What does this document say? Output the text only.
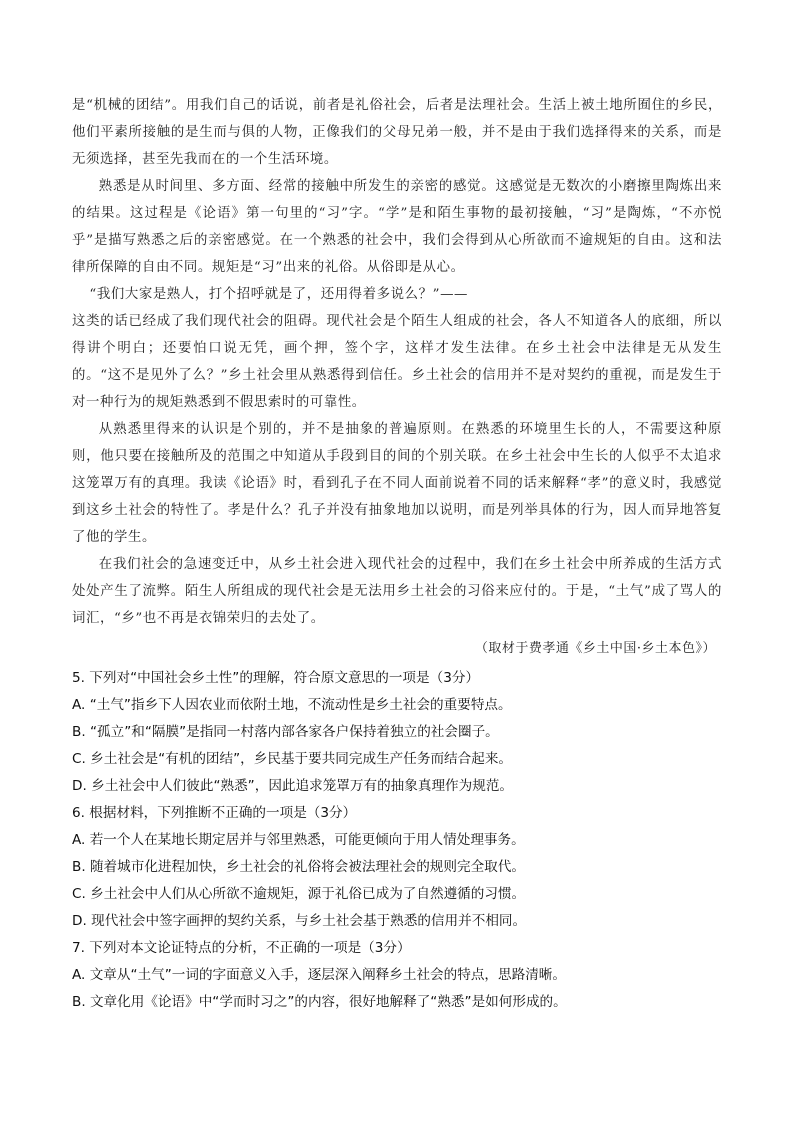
是“机械的团结”。用我们自己的话说，前者是礼俗社会，后者是法理社会。生活上被土地所囿住的乡民，他们平素所接触的是生而与俱的人物，正像我们的父母兄弟一般，并不是由于我们选择得来的关系，而是无须选择，甚至先我而在的一个生活环境。

熟悉是从时间里、多方面、经常的接触中所发生的亲密的感觉。这感觉是无数次的小磨擦里陶炼出来的结果。这过程是《论语》第一句里的“习”字。“学”是和陌生事物的最初接触，“习”是陶炼，“不亦悦乎”是描写熟悉之后的亲密感觉。在一个熟悉的社会中，我们会得到从心所欲而不逾规矩的自由。这和法律所保障的自由不同。规矩是“习”出来的礼俗。从俗即是从心。

“我们大家是熟人，打个招呼就是了，还用得着多说么？”——

这类的话已经成了我们现代社会的阻碍。现代社会是个陌生人组成的社会，各人不知道各人的底细，所以得讲个明白；还要怕口说无凭，画个押，签个字，这样才发生法律。在乡土社会中法律是无从发生的。“这不是见外了么？”乡土社会里从熟悉得到信任。乡土社会的信用并不是对契约的重视，而是发生于对一种行为的规矩熟悉到不假思索时的可靠性。

从熟悉里得来的认识是个别的，并不是抽象的普遍原则。在熟悉的环境里生长的人，不需要这种原则，他只要在接触所及的范围之中知道从手段到目的间的个别关联。在乡土社会中生长的人似乎不太追求这笼罩万有的真理。我读《论语》时，看到孔子在不同人面前说着不同的话来解释“孝”的意义时，我感觉到这乡土社会的特性了。孝是什么？孔子并没有抽象地加以说明，而是列举具体的行为，因人而异地答复了他的学生。

在我们社会的急速变迁中，从乡土社会进入现代社会的过程中，我们在乡土社会中所养成的生活方式处处产生了流弊。陌生人所组成的现代社会是无法用乡土社会的习俗来应付的。于是，“土气”成了骂人的词汇，“乡”也不再是衣锦荣归的去处了。

（取材于费孝通《乡土中国·乡土本色》）

5. 下列对“中国社会乡土性”的理解，符合原文意思的一项是（3分）

A. “土气”指乡下人因农业而依附土地，不流动性是乡土社会的重要特点。

B. “孤立”和“隔膜”是指同一村落内部各家各户保持着独立的社会圈子。

C. 乡土社会是“有机的团结”，乡民基于要共同完成生产任务而结合起来。

D. 乡土社会中人们彼此“熟悉”，因此追求笼罩万有的抽象真理作为规范。

6. 根据材料，下列推断不正确的一项是（3分）

A. 若一个人在某地长期定居并与邻里熟悉，可能更倾向于用人情处理事务。

B. 随着城市化进程加快，乡土社会的礼俗将会被法理社会的规则完全取代。

C. 乡土社会中人们从心所欲不逾规矩，源于礼俗已成为了自然遵循的习惯。

D. 现代社会中签字画押的契约关系，与乡土社会基于熟悉的信用并不相同。

7. 下列对本文论证特点的分析，不正确的一项是（3分）

A. 文章从“土气”一词的字面意义入手，逐层深入阐释乡土社会的特点，思路清晰。

B. 文章化用《论语》中“学而时习之”的内容，很好地解释了“熟悉”是如何形成的。
